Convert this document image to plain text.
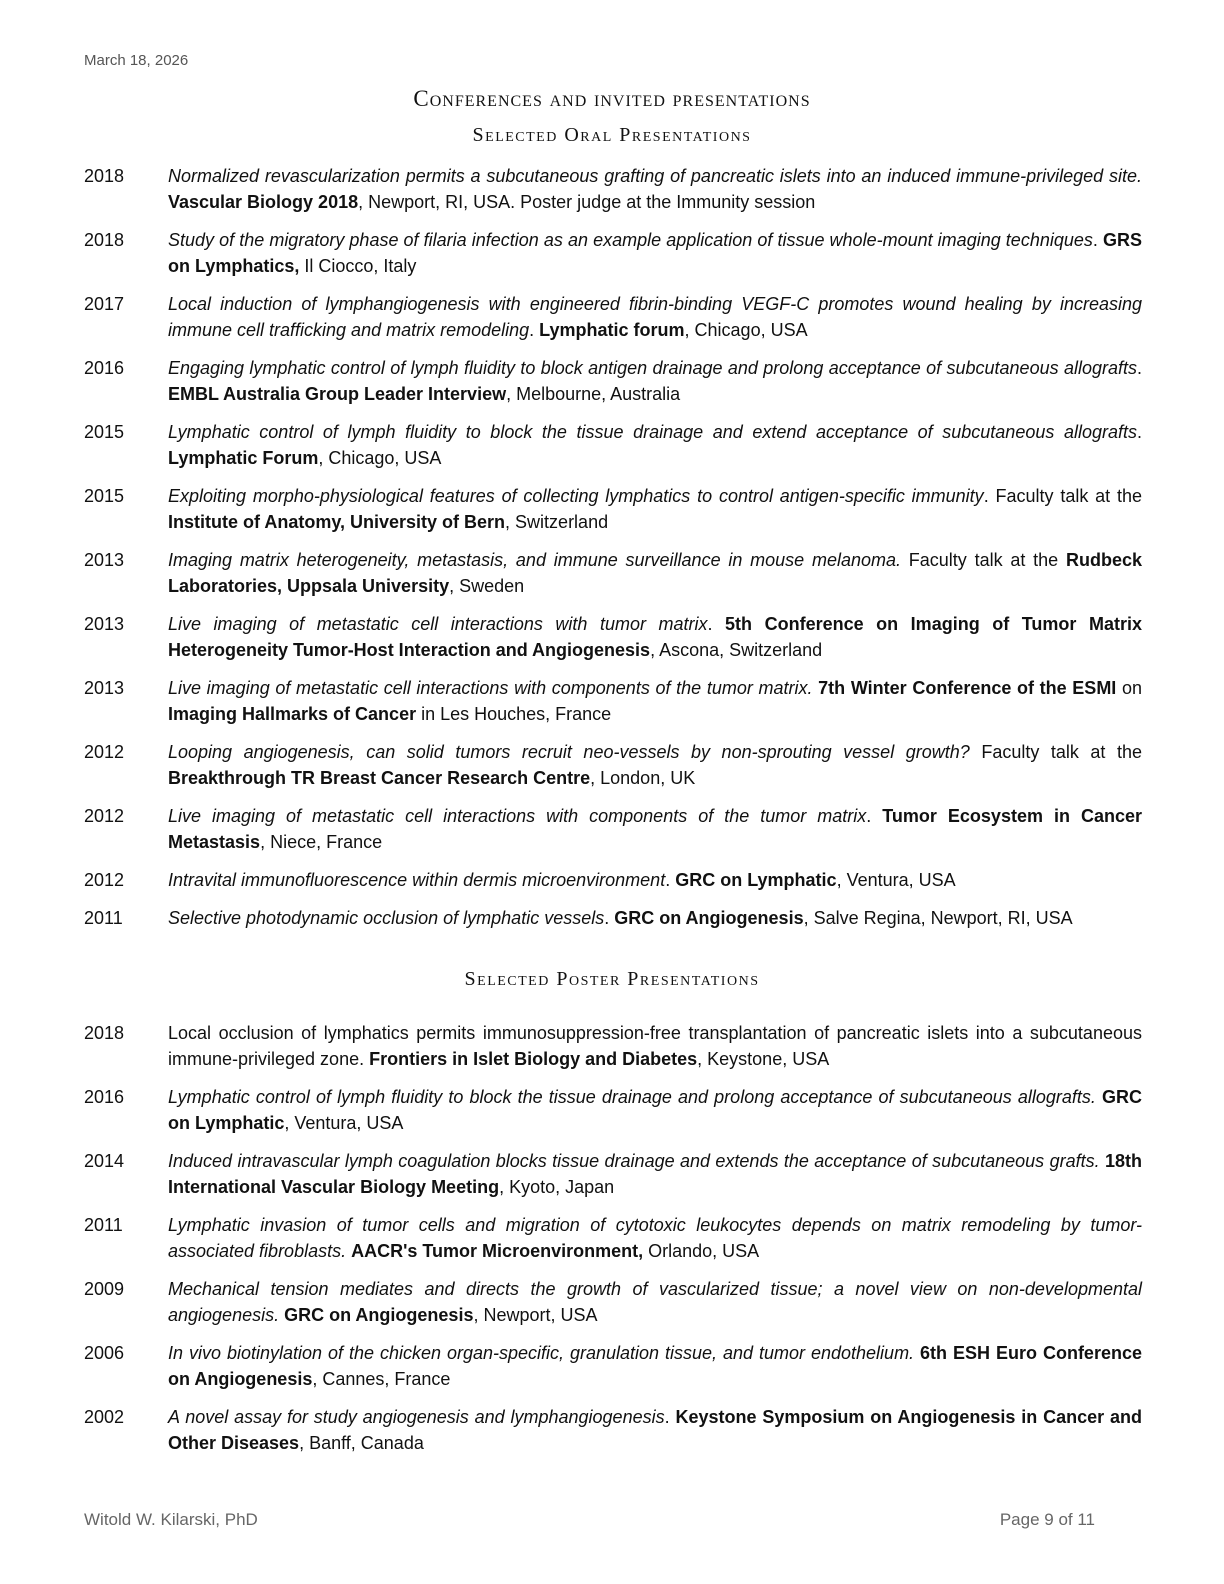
March 18, 2026
Conferences and invited presentations
Selected Oral Presentations
2018	Normalized revascularization permits a subcutaneous grafting of pancreatic islets into an induced immune-privileged site. Vascular Biology 2018, Newport, RI, USA. Poster judge at the Immunity session
2018	Study of the migratory phase of filaria infection as an example application of tissue whole-mount imaging techniques. GRS on Lymphatics, Il Ciocco, Italy
2017	Local induction of lymphangiogenesis with engineered fibrin-binding VEGF-C promotes wound healing by increasing immune cell trafficking and matrix remodeling. Lymphatic forum, Chicago, USA
2016	Engaging lymphatic control of lymph fluidity to block antigen drainage and prolong acceptance of subcutaneous allografts. EMBL Australia Group Leader Interview, Melbourne, Australia
2015	Lymphatic control of lymph fluidity to block the tissue drainage and extend acceptance of subcutaneous allografts. Lymphatic Forum, Chicago, USA
2015	Exploiting morpho-physiological features of collecting lymphatics to control antigen-specific immunity. Faculty talk at the Institute of Anatomy, University of Bern, Switzerland
2013	Imaging matrix heterogeneity, metastasis, and immune surveillance in mouse melanoma. Faculty talk at the Rudbeck Laboratories, Uppsala University, Sweden
2013	Live imaging of metastatic cell interactions with tumor matrix. 5th Conference on Imaging of Tumor Matrix Heterogeneity Tumor-Host Interaction and Angiogenesis, Ascona, Switzerland
2013	Live imaging of metastatic cell interactions with components of the tumor matrix. 7th Winter Conference of the ESMI on Imaging Hallmarks of Cancer in Les Houches, France
2012	Looping angiogenesis, can solid tumors recruit neo-vessels by non-sprouting vessel growth? Faculty talk at the Breakthrough TR Breast Cancer Research Centre, London, UK
2012	Live imaging of metastatic cell interactions with components of the tumor matrix. Tumor Ecosystem in Cancer Metastasis, Niece, France
2012	Intravital immunofluorescence within dermis microenvironment. GRC on Lymphatic, Ventura, USA
2011	Selective photodynamic occlusion of lymphatic vessels. GRC on Angiogenesis, Salve Regina, Newport, RI, USA
Selected Poster Presentations
2018	Local occlusion of lymphatics permits immunosuppression-free transplantation of pancreatic islets into a subcutaneous immune-privileged zone. Frontiers in Islet Biology and Diabetes, Keystone, USA
2016	Lymphatic control of lymph fluidity to block the tissue drainage and prolong acceptance of subcutaneous allografts. GRC on Lymphatic, Ventura, USA
2014	Induced intravascular lymph coagulation blocks tissue drainage and extends the acceptance of subcutaneous grafts. 18th International Vascular Biology Meeting, Kyoto, Japan
2011	Lymphatic invasion of tumor cells and migration of cytotoxic leukocytes depends on matrix remodeling by tumor-associated fibroblasts. AACR's Tumor Microenvironment, Orlando, USA
2009	Mechanical tension mediates and directs the growth of vascularized tissue; a novel view on non-developmental angiogenesis. GRC on Angiogenesis, Newport, USA
2006	In vivo biotinylation of the chicken organ-specific, granulation tissue, and tumor endothelium. 6th ESH Euro Conference on Angiogenesis, Cannes, France
2002	A novel assay for study angiogenesis and lymphangiogenesis. Keystone Symposium on Angiogenesis in Cancer and Other Diseases, Banff, Canada
Witold W. Kilarski, PhD	Page 9 of 11
